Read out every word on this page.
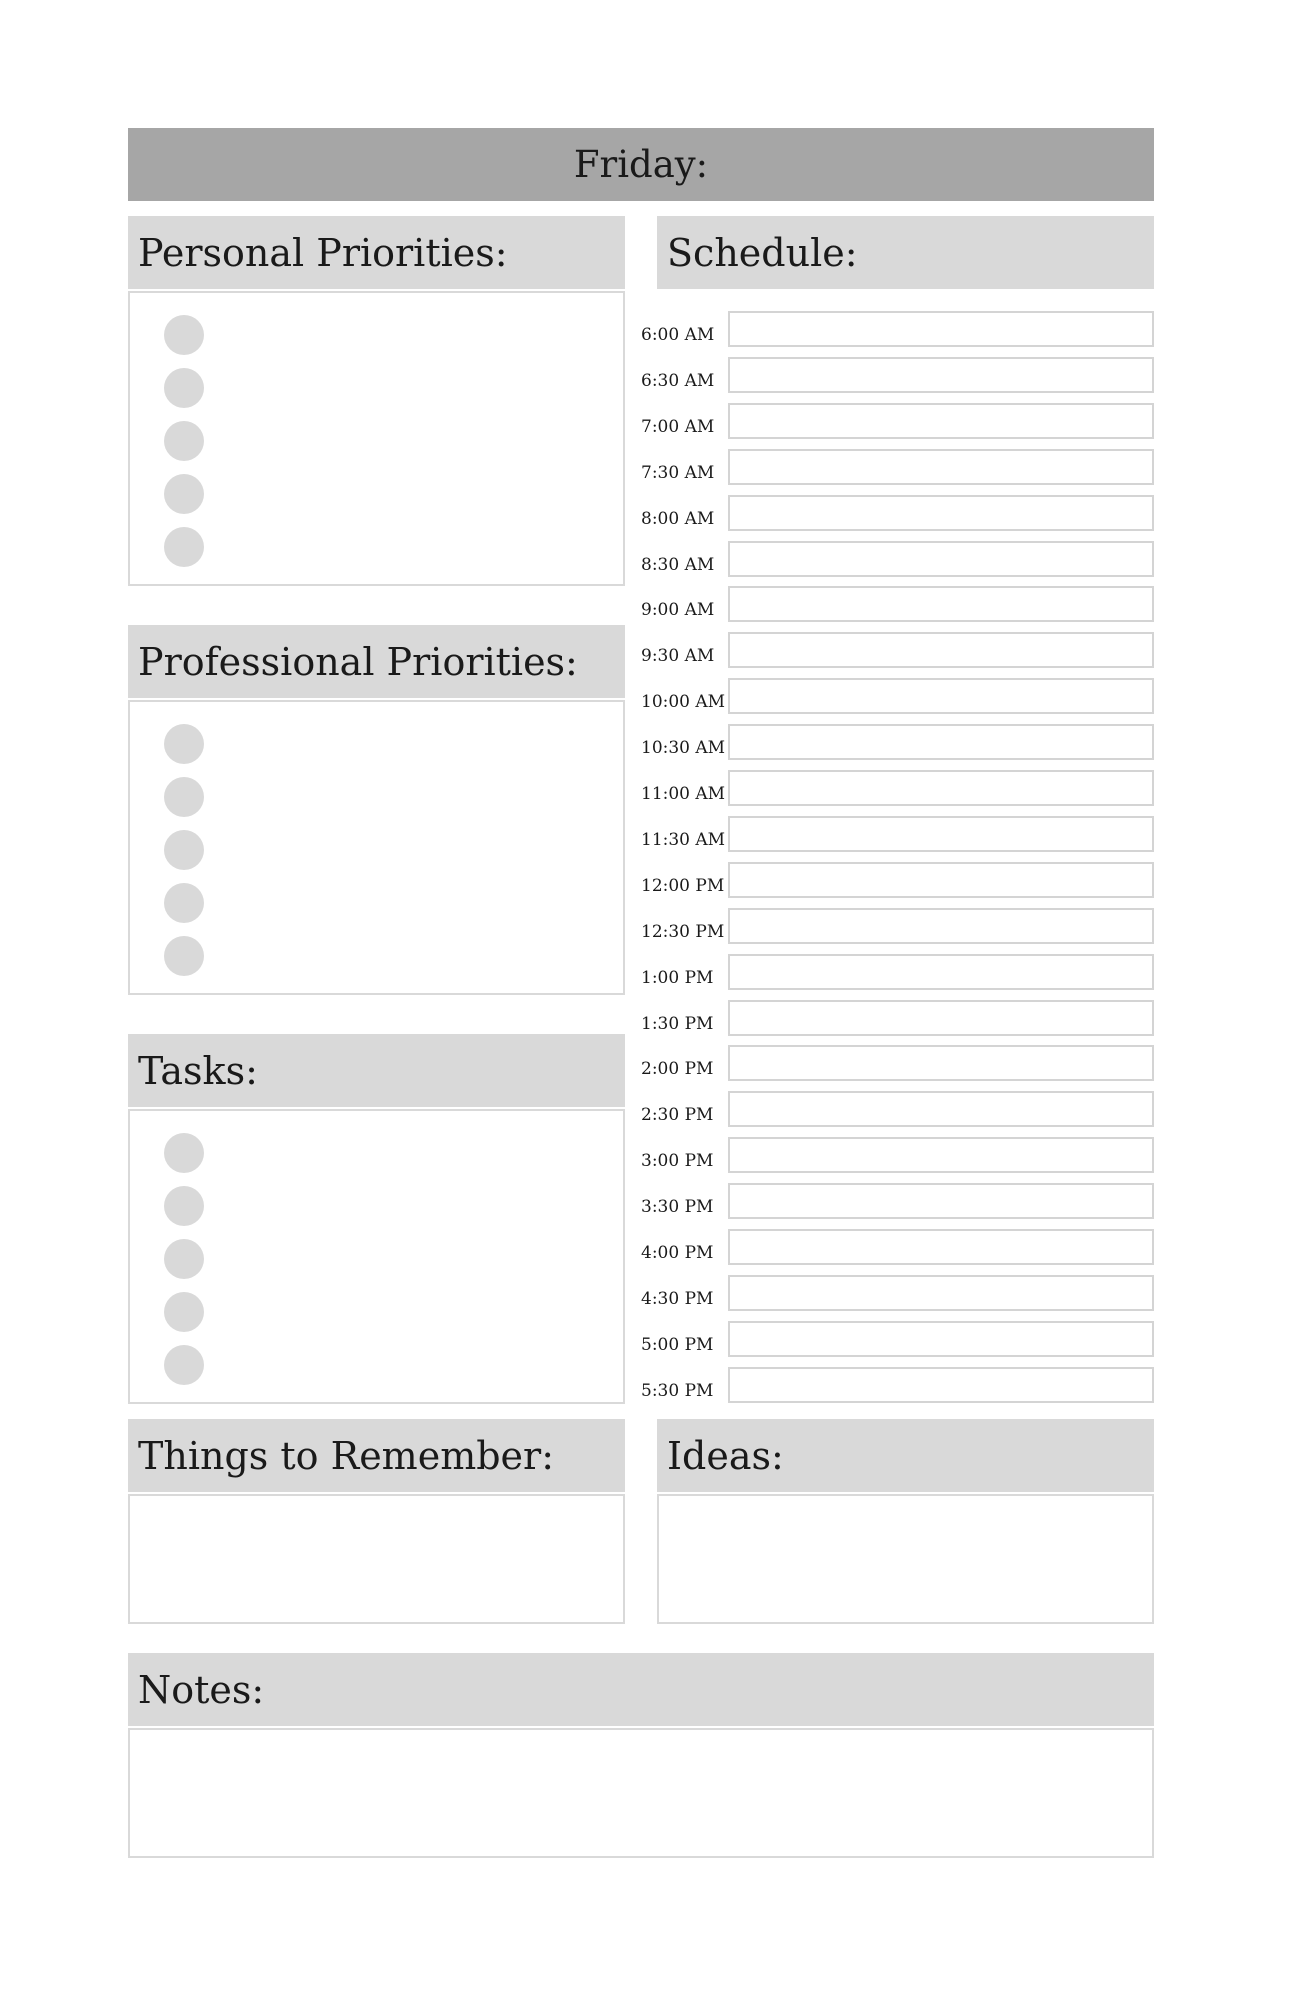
Friday:
Personal Priorities:
Professional Priorities:
Tasks:
Schedule:
6:00 AM
6:30 AM
7:00 AM
7:30 AM
8:00 AM
8:30 AM
9:00 AM
9:30 AM
10:00 AM
10:30 AM
11:00 AM
11:30 AM
12:00 PM
12:30 PM
1:00 PM
1:30 PM
2:00 PM
2:30 PM
3:00 PM
3:30 PM
4:00 PM
4:30 PM
5:00 PM
5:30 PM
Things to Remember:	Ideas:
Notes:
